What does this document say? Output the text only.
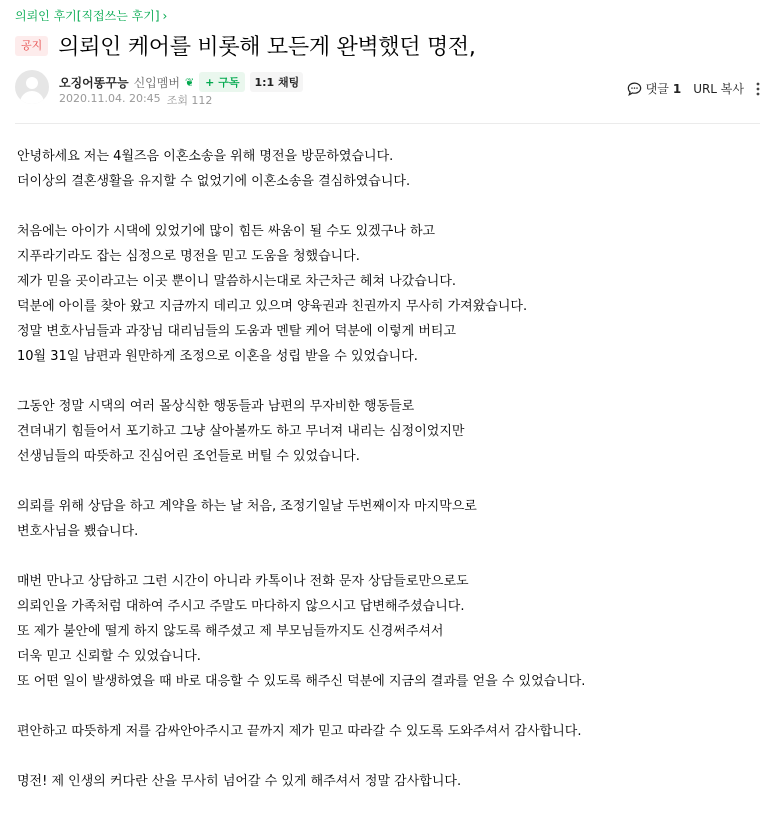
의뢰인 후기[직접쓰는 후기] ›
공지 의뢰인 케어를 비롯해 모든게 완벽했던 명전,
오징어똥꾸능 신입멤버 ❦	+ 구독	1:1 채팅
2020.11.04. 20:45 조회 112
댓글 1 URL 복사

안녕하세요 저는 4월즈음 이혼소송을 위해 명전을 방문하였습니다.

더이상의 결혼생활을 유지할 수 없었기에 이혼소송을 결심하였습니다.

처음에는 아이가 시댁에 있었기에 많이 힘든 싸움이 될 수도 있겠구나 하고

지푸라기라도 잡는 심정으로 명전을 믿고 도움을 청했습니다.

제가 믿을 곳이라고는 이곳 뿐이니 말씀하시는대로 차근차근 헤쳐 나갔습니다.

덕분에 아이를 찾아 왔고 지금까지 데리고 있으며 양육권과 친권까지 무사히 가져왔습니다.

정말 변호사님들과 과장님 대리님들의 도움과 멘탈 케어 덕분에 이렇게 버티고

10월 31일 남편과 원만하게 조정으로 이혼을 성립 받을 수 있었습니다.

그동안 정말 시댁의 여러 몰상식한 행동들과 남편의 무자비한 행동들로

견뎌내기 힘들어서 포기하고 그냥 살아볼까도 하고 무너져 내리는 심정이었지만

선생님들의 따뜻하고 진심어린 조언들로 버틸 수 있었습니다.

의뢰를 위해 상담을 하고 계약을 하는 날 처음, 조정기일날 두번째이자 마지막으로

변호사님을 뵀습니다.

매번 만나고 상담하고 그런 시간이 아니라 카톡이나 전화 문자 상담들로만으로도

의뢰인을 가족처럼 대하여 주시고 주말도 마다하지 않으시고 답변해주셨습니다.

또 제가 불안에 떨게 하지 않도록 해주셨고 제 부모님들까지도 신경써주셔서

더욱 믿고 신뢰할 수 있었습니다.

또 어떤 일이 발생하였을 때 바로 대응할 수 있도록 해주신 덕분에 지금의 결과를 얻을 수 있었습니다.

편안하고 따뜻하게 저를 감싸안아주시고 끝까지 제가 믿고 따라갈 수 있도록 도와주셔서 감사합니다.

명전! 제 인생의 커다란 산을 무사히 넘어갈 수 있게 해주셔서 정말 감사합니다.
